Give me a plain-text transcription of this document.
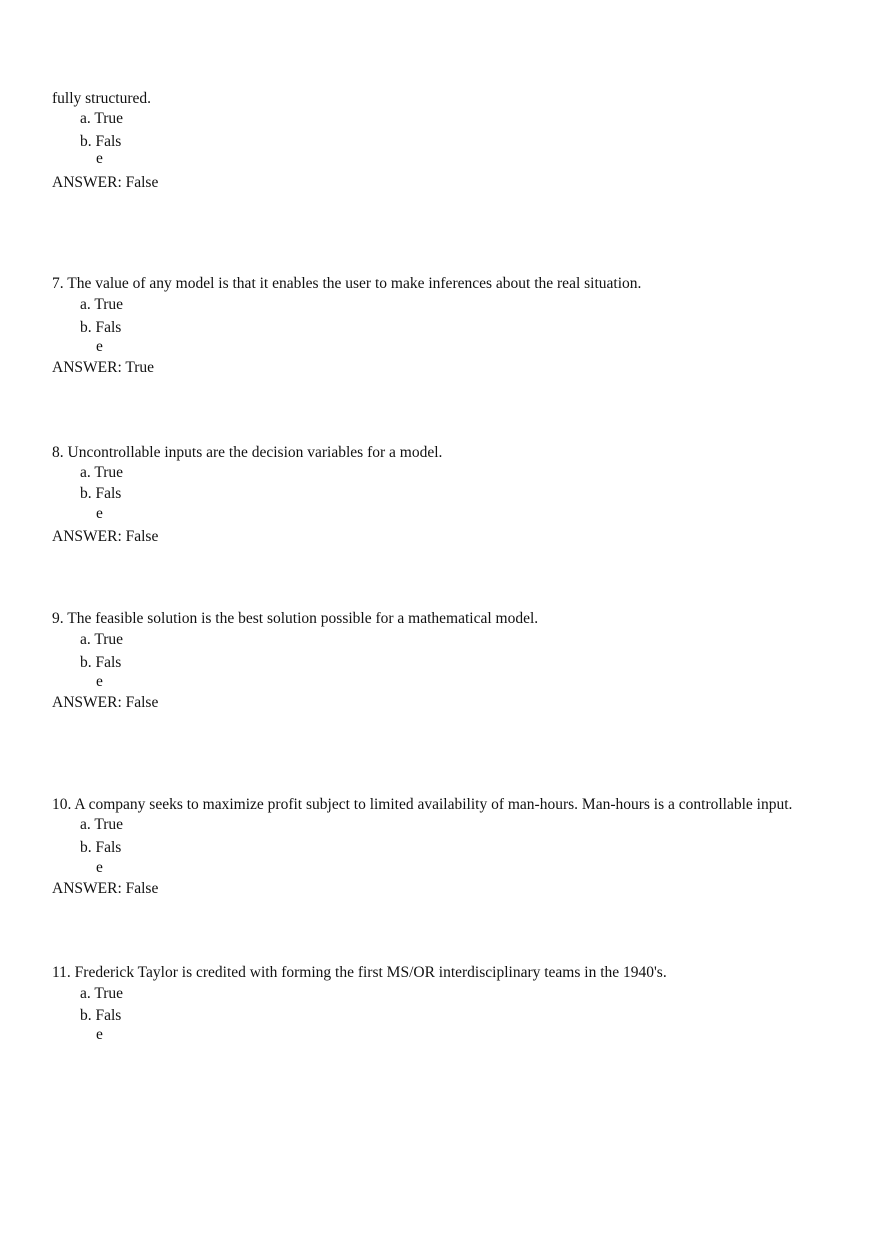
fully structured.
a. True
b. Fals
e
ANSWER: False
7. The value of any model is that it enables the user to make inferences about the real situation.
a. True
b. Fals
e
ANSWER: True
8. Uncontrollable inputs are the decision variables for a model.
a. True
b. Fals
e
ANSWER: False
9. The feasible solution is the best solution possible for a mathematical model.
a. True
b. Fals
e
ANSWER: False
10. A company seeks to maximize profit subject to limited availability of man-hours. Man-hours is a controllable input.
a. True
b. Fals
e
ANSWER: False
11. Frederick Taylor is credited with forming the first MS/OR interdisciplinary teams in the 1940's.
a. True
b. Fals
e
